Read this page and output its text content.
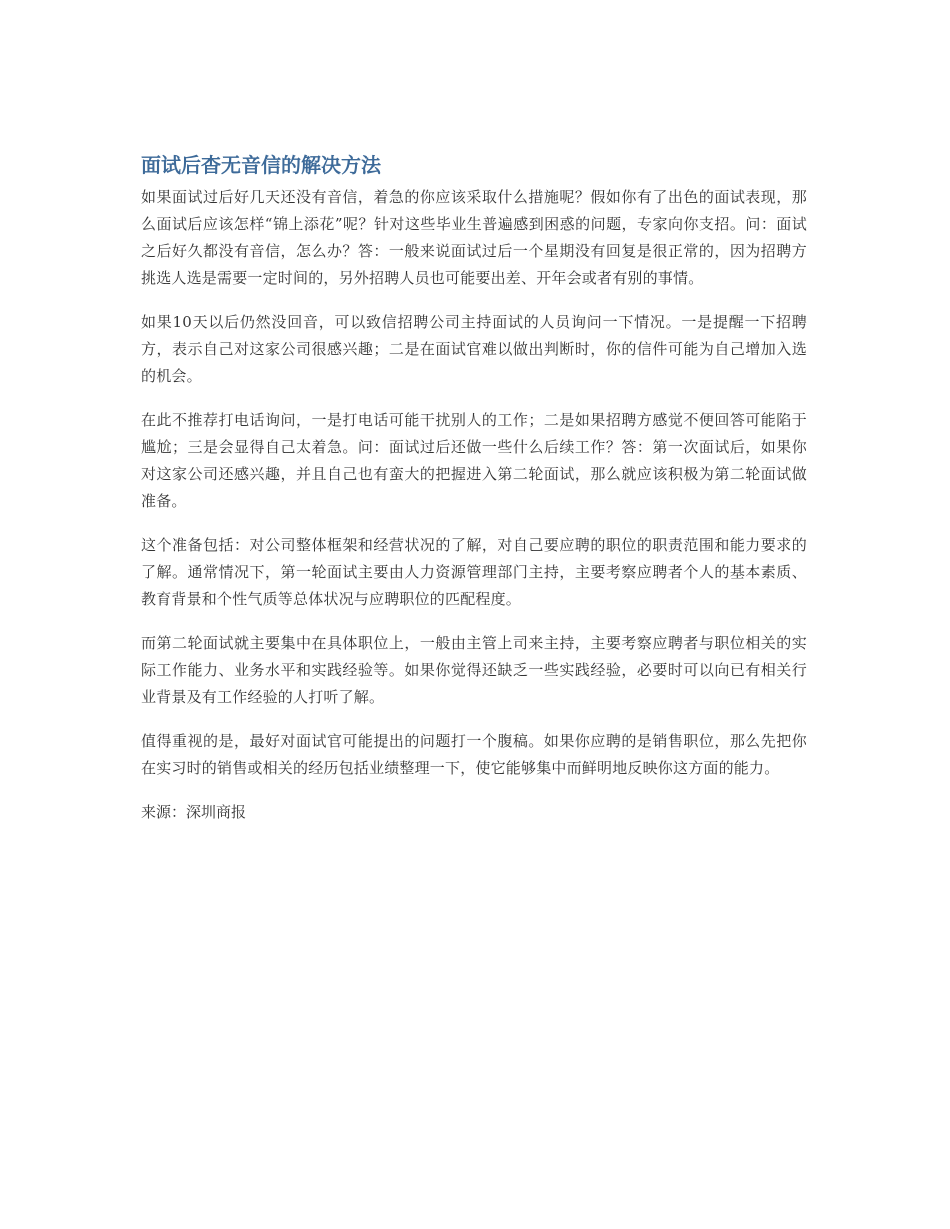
面试后杳无音信的解决方法

如果面试过后好几天还没有音信，着急的你应该采取什么措施呢？假如你有了出色的面试表现，那么面试后应该怎样“锦上添花”呢？针对这些毕业生普遍感到困惑的问题，专家向你支招。问：面试之后好久都没有音信，怎么办？答：一般来说面试过后一个星期没有回复是很正常的，因为招聘方挑选人选是需要一定时间的，另外招聘人员也可能要出差、开年会或者有别的事情。

如果10天以后仍然没回音，可以致信招聘公司主持面试的人员询问一下情况。一是提醒一下招聘方，表示自己对这家公司很感兴趣；二是在面试官难以做出判断时，你的信件可能为自己增加入选的机会。

在此不推荐打电话询问，一是打电话可能干扰别人的工作；二是如果招聘方感觉不便回答可能陷于尴尬；三是会显得自己太着急。问：面试过后还做一些什么后续工作？答：第一次面试后，如果你对这家公司还感兴趣，并且自己也有蛮大的把握进入第二轮面试，那么就应该积极为第二轮面试做准备。

这个准备包括：对公司整体框架和经营状况的了解，对自己要应聘的职位的职责范围和能力要求的了解。通常情况下，第一轮面试主要由人力资源管理部门主持，主要考察应聘者个人的基本素质、教育背景和个性气质等总体状况与应聘职位的匹配程度。

而第二轮面试就主要集中在具体职位上，一般由主管上司来主持，主要考察应聘者与职位相关的实际工作能力、业务水平和实践经验等。如果你觉得还缺乏一些实践经验，必要时可以向已有相关行业背景及有工作经验的人打听了解。

值得重视的是，最好对面试官可能提出的问题打一个腹稿。如果你应聘的是销售职位，那么先把你在实习时的销售或相关的经历包括业绩整理一下，使它能够集中而鲜明地反映你这方面的能力。

来源：深圳商报
